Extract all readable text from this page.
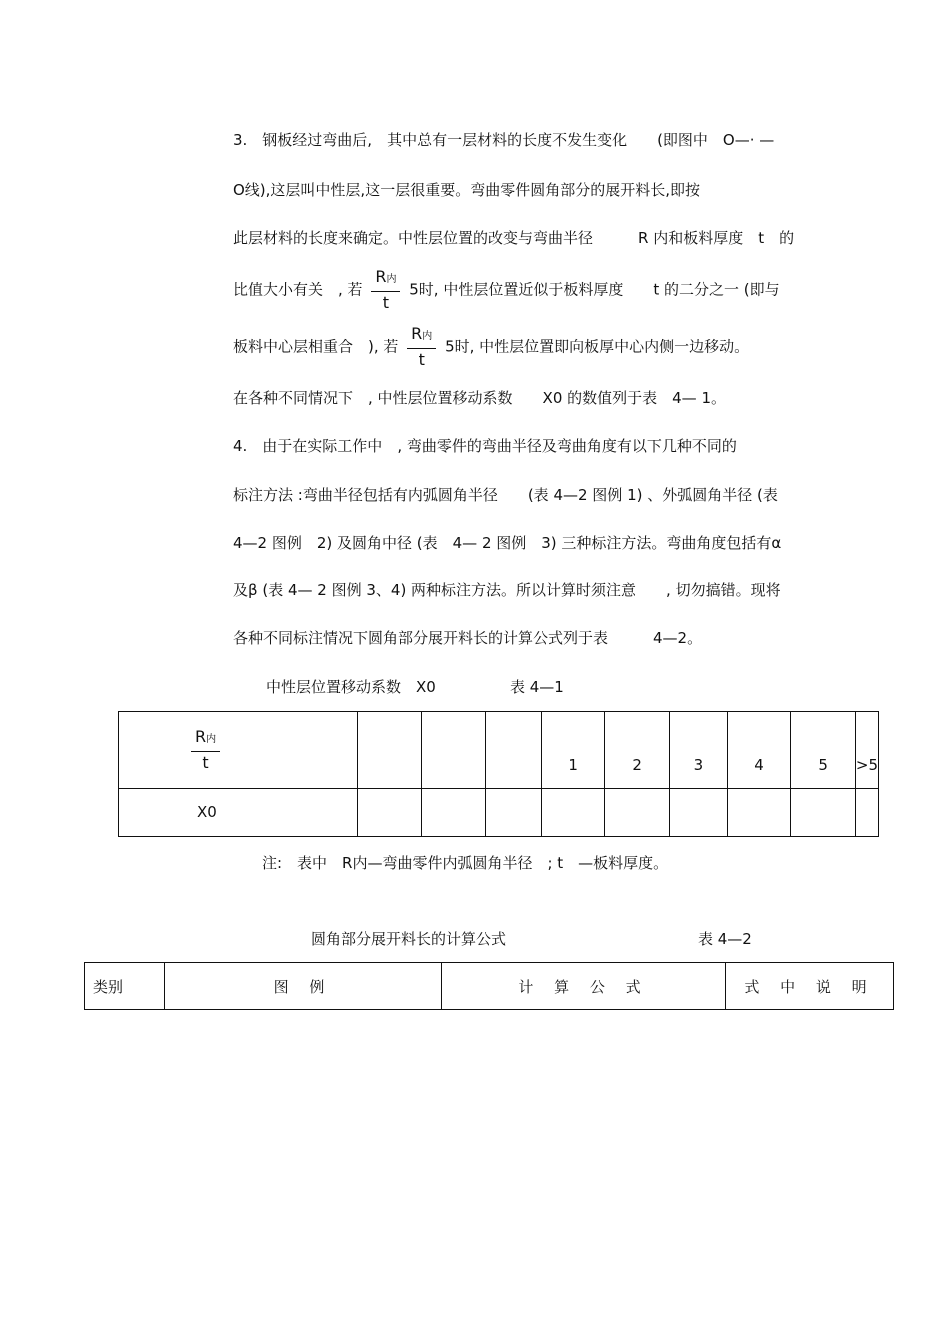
3.　钢板经过弯曲后,　其中总有一层材料的长度不发生变化　　(即图中　O—· —
O线),这层叫中性层,这一层很重要。弯曲零件圆角部分的展开料长,即按
此层材料的长度来确定。中性层位置的改变与弯曲半径　　　R 内和板料厚度　t　的
比值大小有关　, 若 $\frac{\text{R内}}{t} 5$时, 中性层位置近似于板料厚度　　t 的二分之一 (即与
板料中心层相重合　), 若 $\frac{\text{R内}}{t} 5$时, 中性层位置即向板厚中心内侧一边移动。
在各种不同情况下　, 中性层位置移动系数　　X0 的数值列于表　4— 1。
4.　由于在实际工作中　, 弯曲零件的弯曲半径及弯曲角度有以下几种不同的
标注方法 :弯曲半径包括有内弧圆角半径　　(表 4—2 图例 1) 、外弧圆角半径 (表
4—2 图例　2) 及圆角中径 (表　4— 2 图例　3) 三种标注方法。弯曲角度包括有α
及β (表 4— 2 图例 3、4) 两种标注方法。所以计算时须注意　　, 切勿搞错。现将
各种不同标注情况下圆角部分展开料长的计算公式列于表　　　4—2。
中性层位置移动系数　X0	表 4—1
$\frac{\text{R内}}{t}$				1	2	3	4	5	>5
X0									
注:　表中　R内—弯曲零件内弧圆角半径　; t　—板料厚度。
圆角部分展开料长的计算公式	表 4—2
类别	图 例	计 算 公 式	式 中 说 明
